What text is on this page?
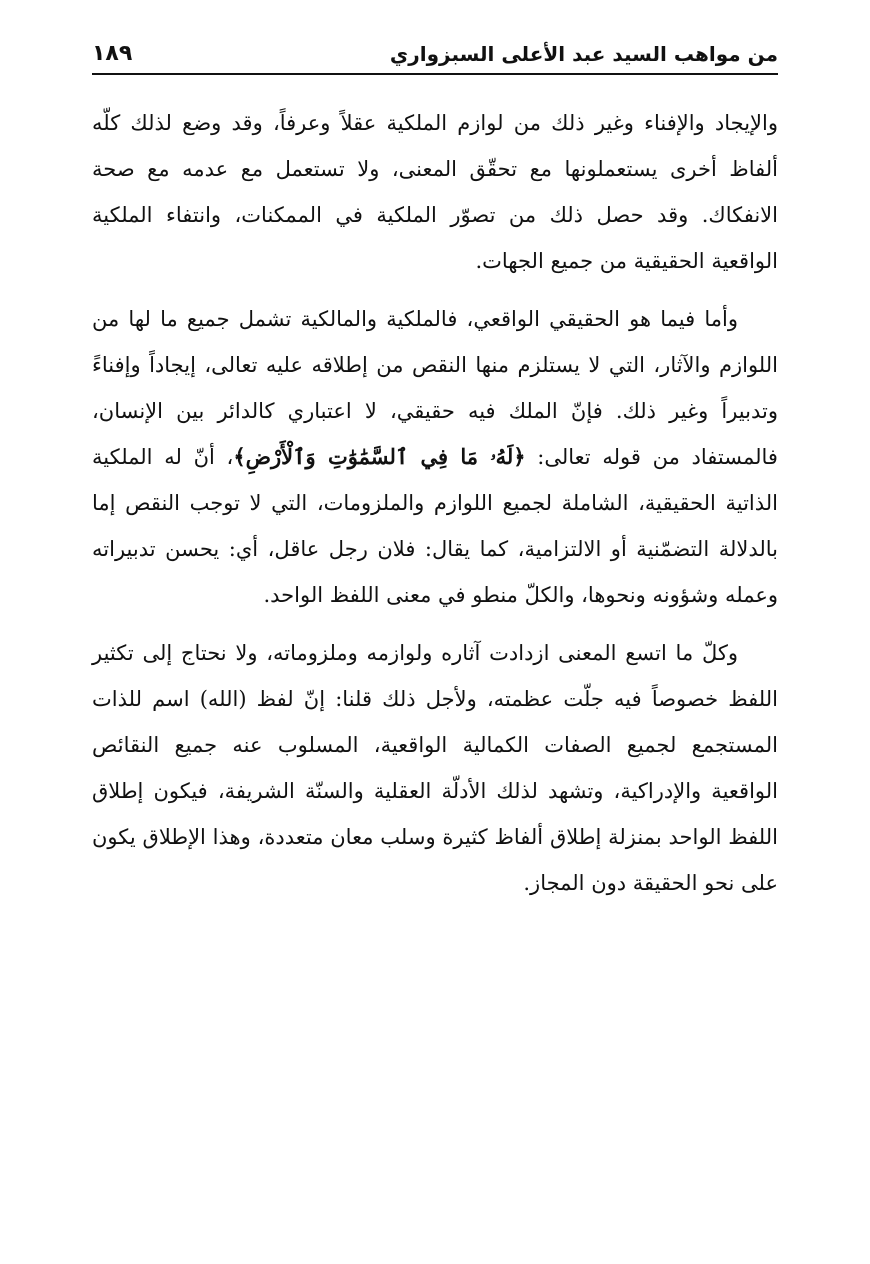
من مواهب السيد عبد الأعلى السبزواري
١٨٩

والإيجاد والإفناء وغير ذلك من لوازم الملكية عقلاً وعرفاً، وقد وضع لذلك كلّه ألفاظ أخرى يستعملونها مع تحقّق المعنى، ولا تستعمل مع عدمه مع صحة الانفكاك. وقد حصل ذلك من تصوّر الملكية في الممكنات، وانتفاء الملكية الواقعية الحقيقية من جميع الجهات.

وأما فيما هو الحقيقي الواقعي، فالملكية والمالكية تشمل جميع ما لها من اللوازم والآثار، التي لا يستلزم منها النقص من إطلاقه عليه تعالى، إيجاداً وإفناءً وتدبيراً وغير ذلك. فإنّ الملك فيه حقيقي، لا اعتباري كالدائر بين الإنسان، فالمستفاد من قوله تعالى: ﴿لَهُۥ مَا فِي ٱلسَّمَٰوَٰتِ وَٱلْأَرْضِ﴾، أنّ له الملكية الذاتية الحقيقية، الشاملة لجميع اللوازم والملزومات، التي لا توجب النقص إما بالدلالة التضمّنية أو الالتزامية، كما يقال: فلان رجل عاقل، أي: يحسن تدبيراته وعمله وشؤونه ونحوها، والكلّ منطو في معنى اللفظ الواحد.

وكلّ ما اتسع المعنى ازدادت آثاره ولوازمه وملزوماته، ولا نحتاج إلى تكثير اللفظ خصوصاً فيه جلّت عظمته، ولأجل ذلك قلنا: إنّ لفظ (الله) اسم للذات المستجمع لجميع الصفات الكمالية الواقعية، المسلوب عنه جميع النقائص الواقعية والإدراكية، وتشهد لذلك الأدلّة العقلية والسنّة الشريفة، فيكون إطلاق اللفظ الواحد بمنزلة إطلاق ألفاظ كثيرة وسلب معان متعددة، وهذا الإطلاق يكون على نحو الحقيقة دون المجاز.
